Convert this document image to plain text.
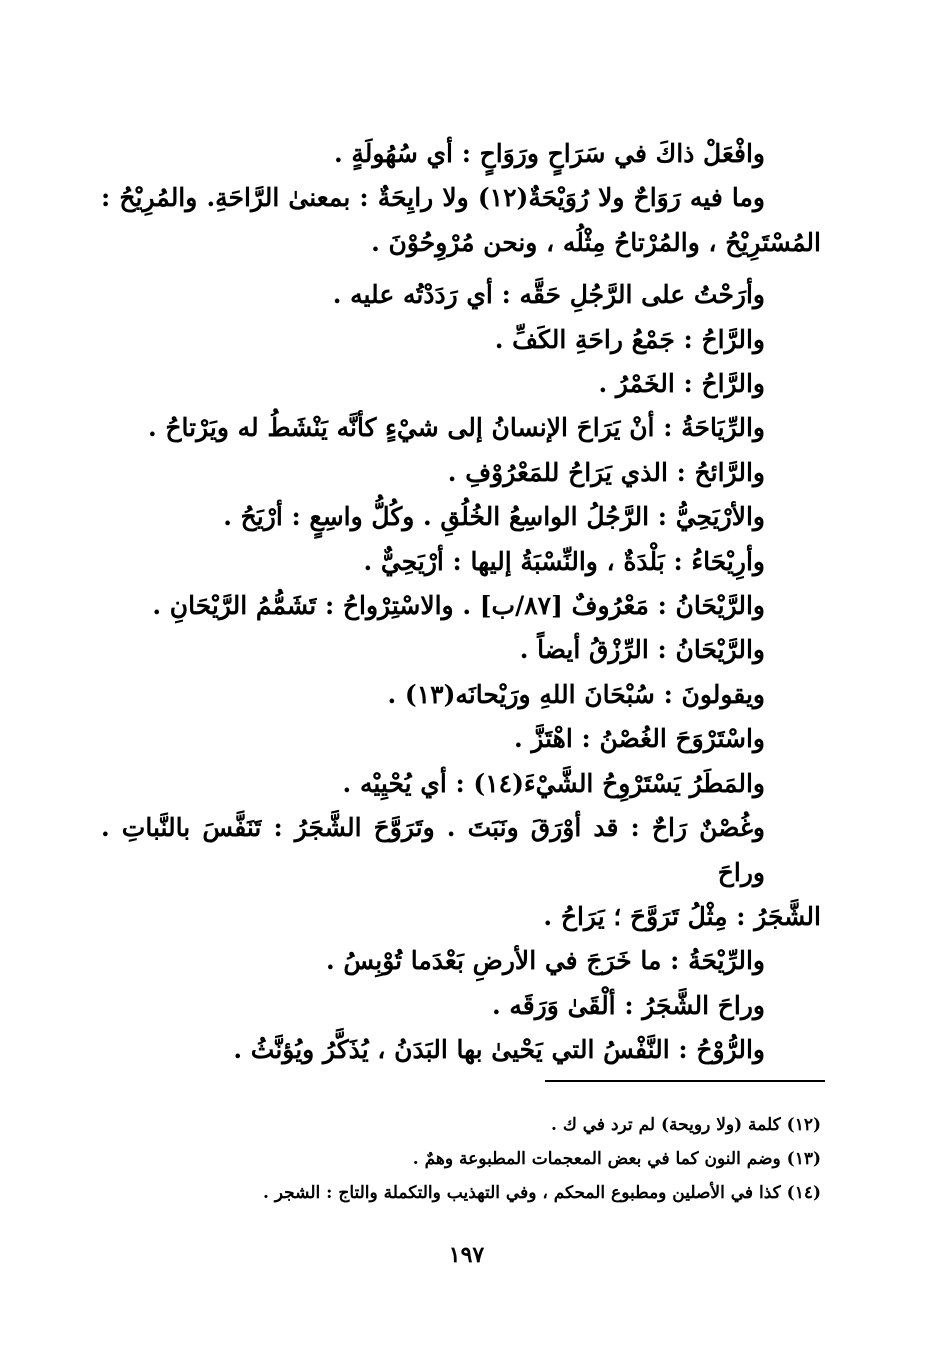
وافْعَلْ ذاكَ في سَرَاحٍ ورَوَاحٍ : أي سُهُولَةٍ .
وما فيه رَوَاحٌ ولا رُوَيْحَةٌ(١٢) ولا رايِحَةٌ : بمعنىٰ الرَّاحَةِ. والمُرِيْحُ :
المُسْتَرِيْحُ ، والمُرْتاحُ مِثْلُه ، ونحن مُرْوِحُوْنَ .
وأرَحْتُ على الرَّجُلِ حَقَّه : أي رَدَدْتُه عليه .
والرَّاحُ : جَمْعُ راحَةِ الكَفِّ .
والرَّاحُ : الخَمْرُ .
والرِّيَاحَةُ : أنْ يَرَاحَ الإنسانُ إلى شيْءٍ كأنَّه يَنْشَطُ له ويَرْتاحُ .
والرَّائحُ : الذي يَرَاحُ للمَعْرُوْفِ .
والأرْيَحِيُّ : الرَّجُلُ الواسِعُ الخُلُقِ . وكُلُّ واسِعٍ : أرْيَحُ .
وأرِيْحَاءُ : بَلْدَةٌ ، والنِّسْبَةُ إليها : أرْيَحِيٌّ .
والرَّيْحَانُ : مَعْرُوفٌ [٨٧/ب] . والاسْتِرْواحُ : تَشَمُّمُ الرَّيْحَانِ .
والرَّيْحَانُ : الرِّزْقُ أيضاً .
ويقولونَ : سُبْحَانَ اللهِ ورَيْحانَه(١٣) .
واسْتَرْوَحَ الغُصْنُ : اهْتَزَّ .
والمَطَرُ يَسْتَرْوِحُ الشَّيْءَ(١٤) : أي يُحْيِيْه .
وغُصْنٌ رَاحٌ : قد أوْرَقَ ونَبَتَ . وتَرَوَّحَ الشَّجَرُ : تَنَفَّسَ بالنَّباتِ . وراحَ
الشَّجَرُ : مِثْلُ تَرَوَّحَ ؛ يَرَاحُ .
والرِّيْحَةُ : ما خَرَجَ في الأرضِ بَعْدَما تُوْبِسُ .
وراحَ الشَّجَرُ : ألْقَىٰ وَرَقَه .
والرُّوْحُ : النَّفْسُ التي يَحْيىٰ بها البَدَنُ ، يُذَكَّرُ ويُؤنَّثُ .
(١٢) كلمة (ولا رويحة) لم ترد في ك .
(١٣) وضم النون كما في بعض المعجمات المطبوعة وهمٌ .
(١٤) كذا في الأصلين ومطبوع المحكم ، وفي التهذيب والتكملة والتاج : الشجر .
١٩٧
